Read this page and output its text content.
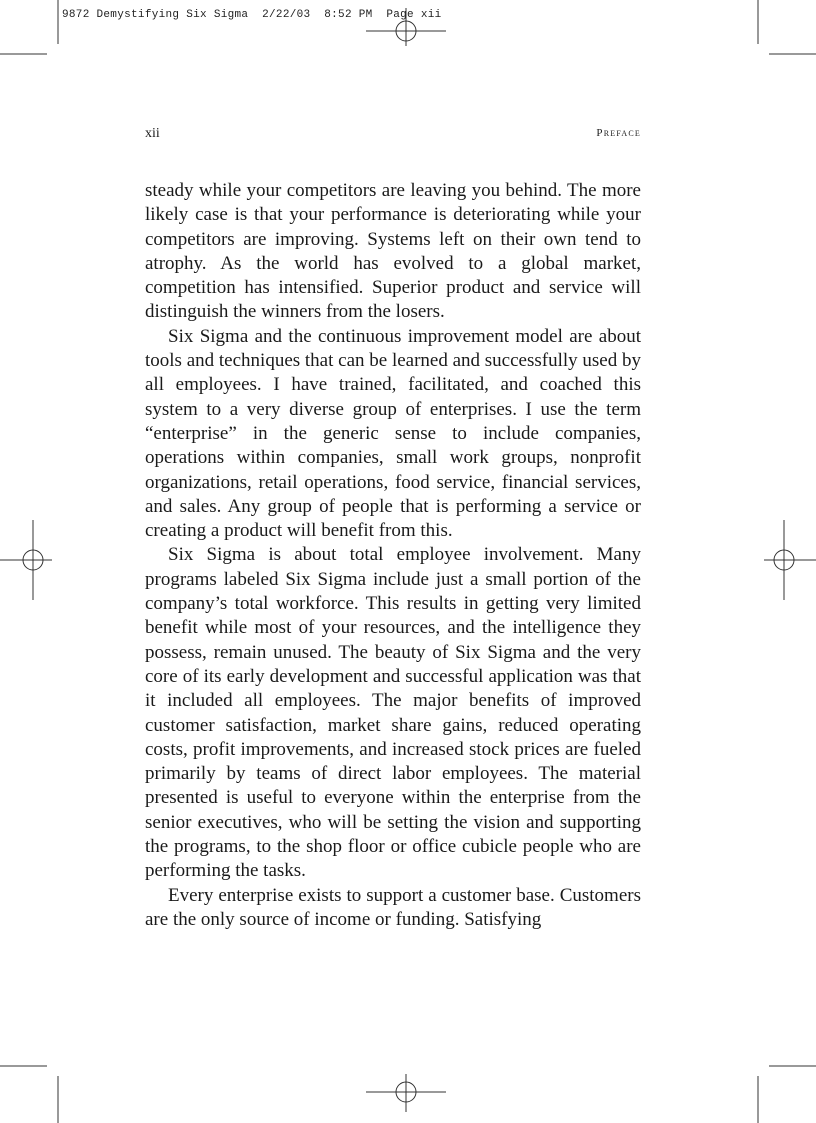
9872 Demystifying Six Sigma  2/22/03  8:52 PM  Page xii
xii	Preface

steady while your competitors are leaving you behind. The more likely case is that your performance is deteriorating while your competitors are improving. Systems left on their own tend to atrophy. As the world has evolved to a global market, competition has intensified. Superior product and service will distinguish the winners from the losers.

Six Sigma and the continuous improvement model are about tools and techniques that can be learned and successfully used by all employees. I have trained, facilitated, and coached this system to a very diverse group of enterprises. I use the term “enterprise” in the generic sense to include companies, operations within companies, small work groups, nonprofit organizations, retail operations, food service, financial services, and sales. Any group of people that is performing a service or creating a product will benefit from this.

Six Sigma is about total employee involvement. Many programs labeled Six Sigma include just a small portion of the company’s total workforce. This results in getting very limited benefit while most of your resources, and the intelligence they possess, remain unused. The beauty of Six Sigma and the very core of its early development and successful application was that it included all employees. The major benefits of improved customer satisfaction, market share gains, reduced operating costs, profit improvements, and increased stock prices are fueled primarily by teams of direct labor employees. The material presented is useful to everyone within the enterprise from the senior executives, who will be setting the vision and supporting the programs, to the shop floor or office cubicle people who are performing the tasks.

Every enterprise exists to support a customer base. Customers are the only source of income or funding. Satisfying
